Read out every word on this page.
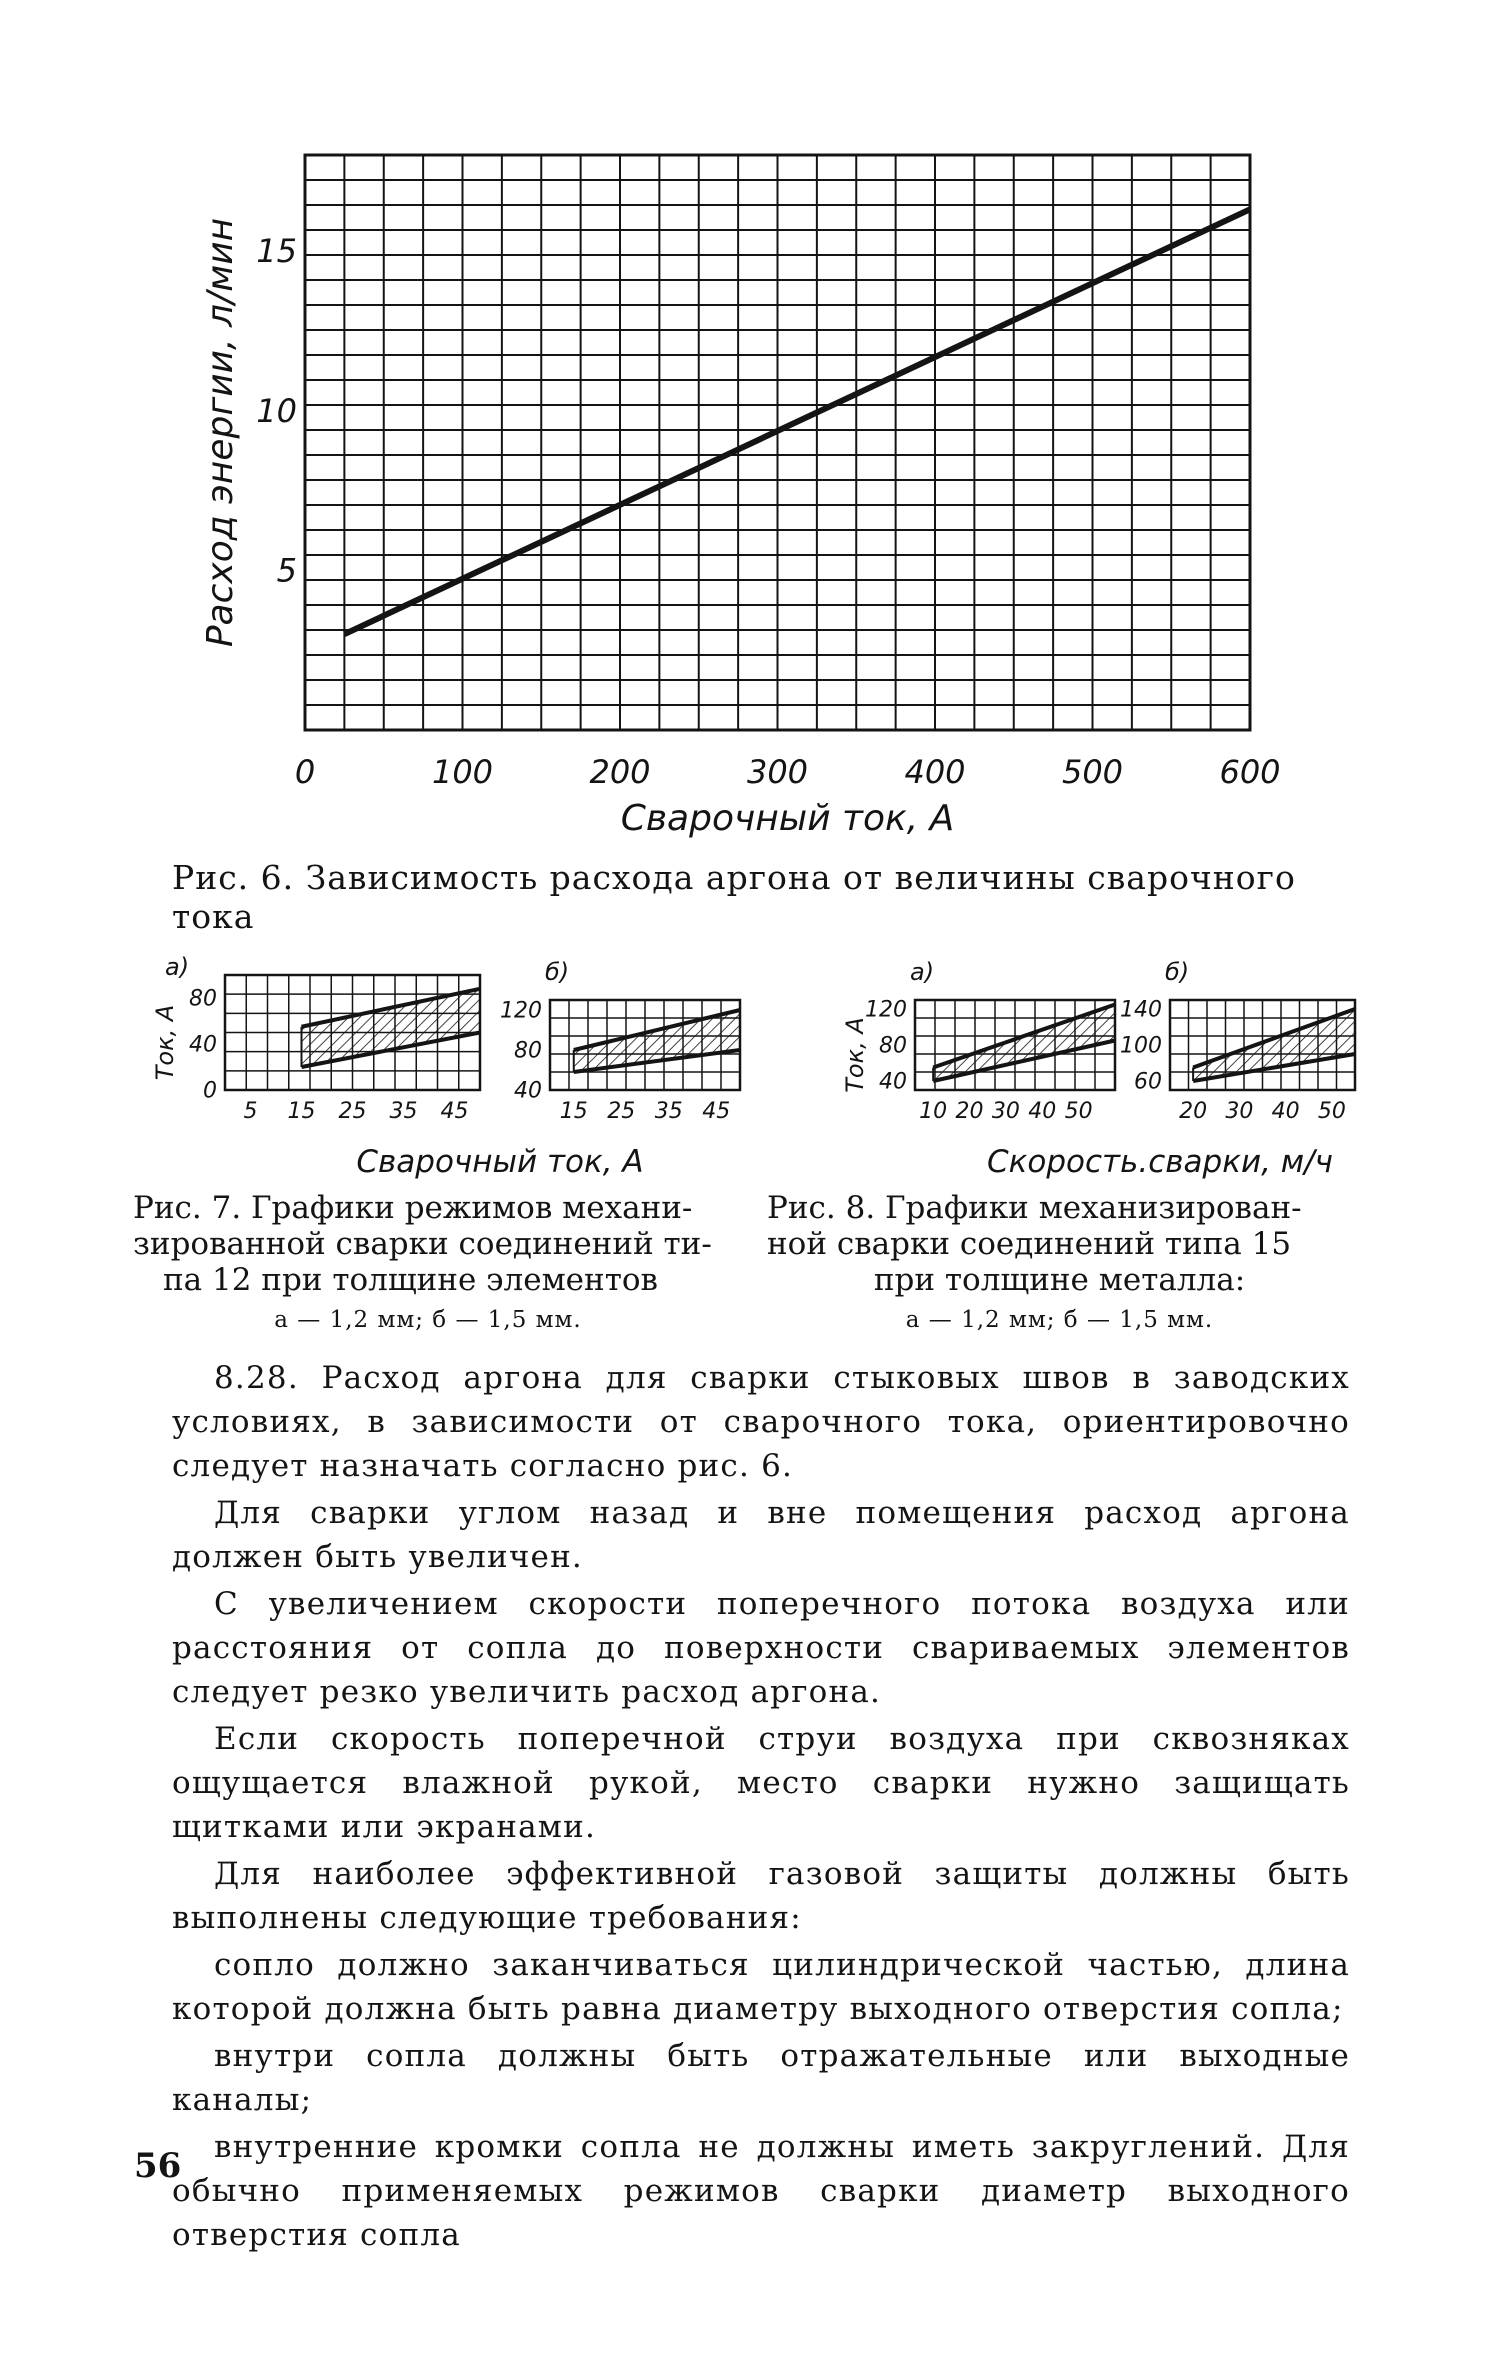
0	100	200	300	400	500	600
5
10
15
Сварочный ток, А
Расход энергии, л/мин
Рис. 6. Зависимость расхода аргона от величины сварочного тока
5 15 25 35 45
80
40
0
а)
Ток, А
15 25 35 45
120
80
40
б)
10 20 30 40 50
120
80
40
а)
Ток, А
20 30 40 50
140
100
60
б)
Сварочный ток, А	Скорость.сварки, м/ч
Рис. 7. Графики режимов механи-
зированной сварки соединений ти-
па 12 при толщине элементов
а — 1,2 мм; б — 1,5 мм.
Рис. 8. Графики механизирован-
ной сварки соединений типа 15
при толщине металла:
а — 1,2 мм; б — 1,5 мм.

8.28. Расход аргона для сварки стыковых швов в заводских условиях, в зависимости от сварочного тока, ориентировочно следует назначать согласно рис. 6.

Для сварки углом назад и вне помещения расход аргона должен быть увеличен.

С увеличением скорости поперечного потока воздуха или расстояния от сопла до поверхности свариваемых элементов следует резко увеличить расход аргона.

Если скорость поперечной струи воздуха при сквозняках ощущается влажной рукой, место сварки нужно защищать щитками или экранами.

Для наиболее эффективной газовой защиты должны быть выполнены следующие требования:

сопло должно заканчиваться цилиндрической частью, длина которой должна быть равна диаметру выходного отверстия сопла;

внутри сопла должны быть отражательные или выходные каналы;

внутренние кромки сопла не должны иметь закруглений. Для обычно применяемых режимов сварки диаметр выходного отверстия сопла

56
